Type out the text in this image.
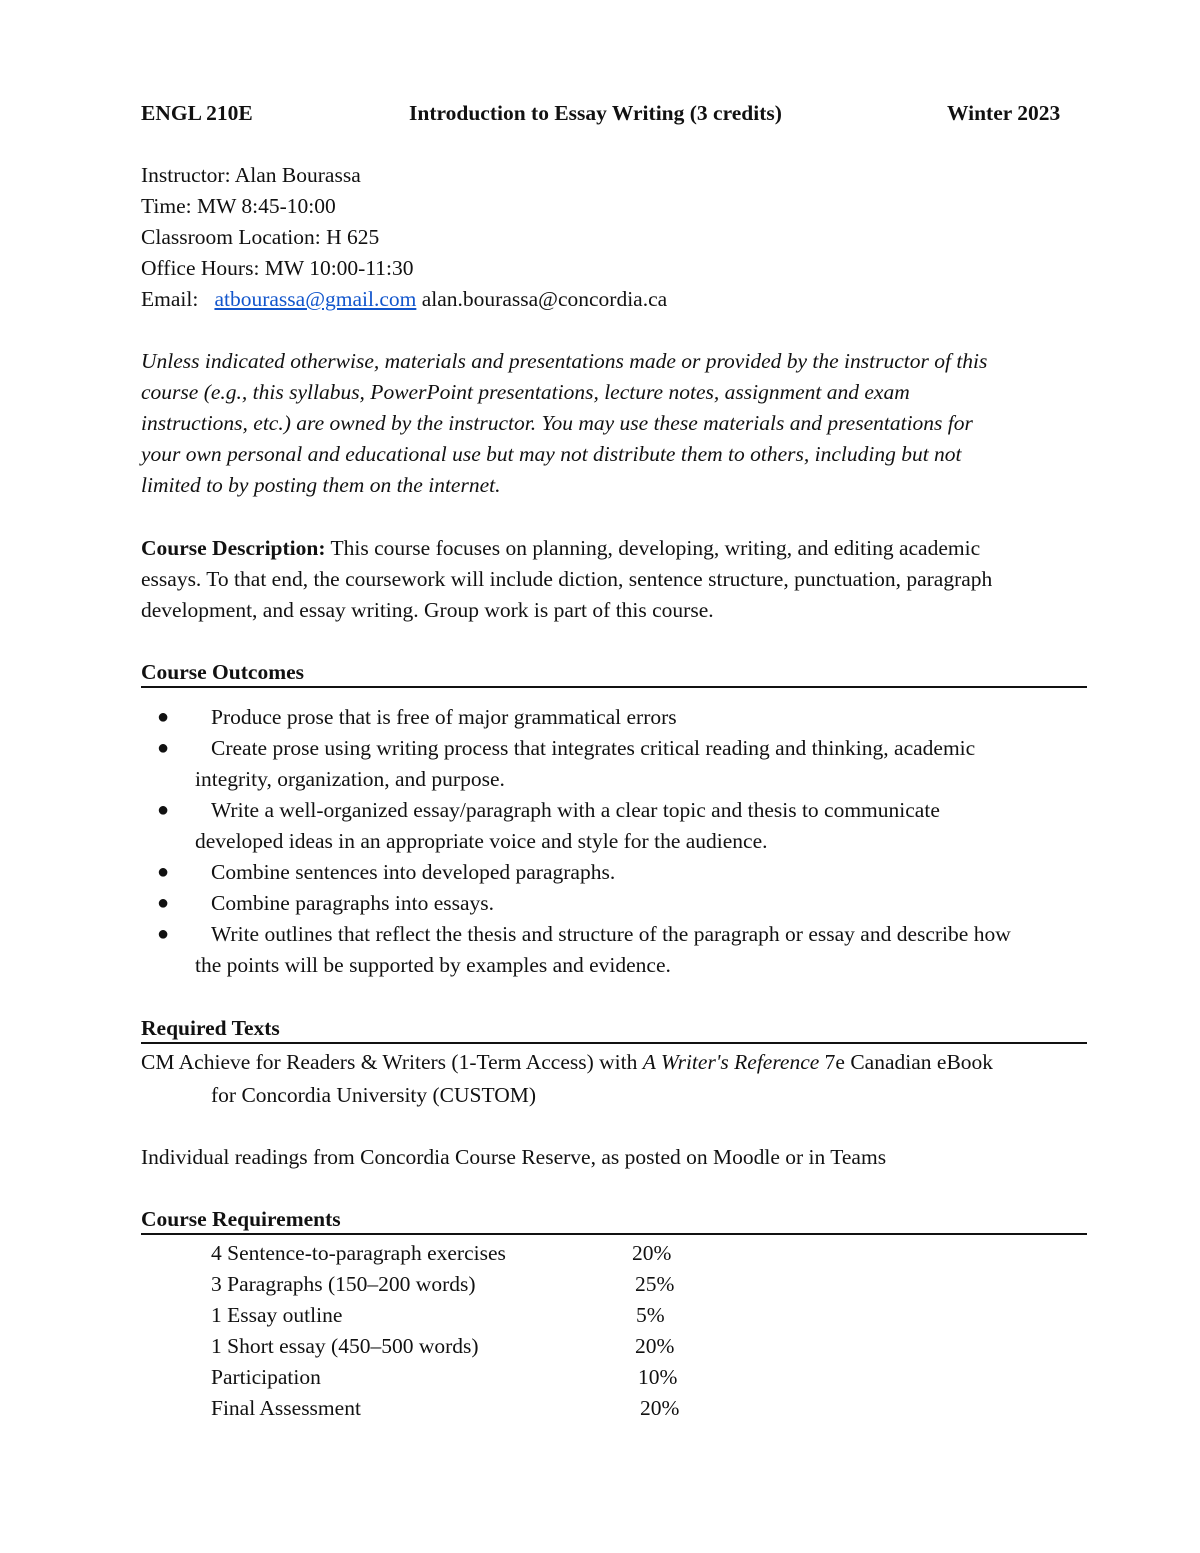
ENGL 210E	Introduction to Essay Writing (3 credits)	Winter 2023
Instructor: Alan Bourassa
Time: MW 8:45-10:00
Classroom Location: H 625
Office Hours: MW 10:00-11:30
Email: atbourassa@gmail.com alan.bourassa@concordia.ca
Unless indicated otherwise, materials and presentations made or provided by the instructor of this
course (e.g., this syllabus, PowerPoint presentations, lecture notes, assignment and exam
instructions, etc.) are owned by the instructor. You may use these materials and presentations for
your own personal and educational use but may not distribute them to others, including but not
limited to by posting them on the internet.
Course Description: This course focuses on planning, developing, writing, and editing academic
essays. To that end, the coursework will include diction, sentence structure, punctuation, paragraph
development, and essay writing. Group work is part of this course.
Course Outcomes
● Produce prose that is free of major grammatical errors
● Create prose using writing process that integrates critical reading and thinking, academic
integrity, organization, and purpose.
● Write a well-organized essay/paragraph with a clear topic and thesis to communicate
developed ideas in an appropriate voice and style for the audience.
● Combine sentences into developed paragraphs.
● Combine paragraphs into essays.
● Write outlines that reflect the thesis and structure of the paragraph or essay and describe how
the points will be supported by examples and evidence.
Required Texts
CM Achieve for Readers & Writers (1-Term Access) with A Writer's Reference 7e Canadian eBook
for Concordia University (CUSTOM)
Individual readings from Concordia Course Reserve, as posted on Moodle or in Teams
Course Requirements
4 Sentence-to-paragraph exercises	20%
3 Paragraphs (150–200 words)	25%
1 Essay outline	5%
1 Short essay (450–500 words)	20%
Participation	10%
Final Assessment	20%
